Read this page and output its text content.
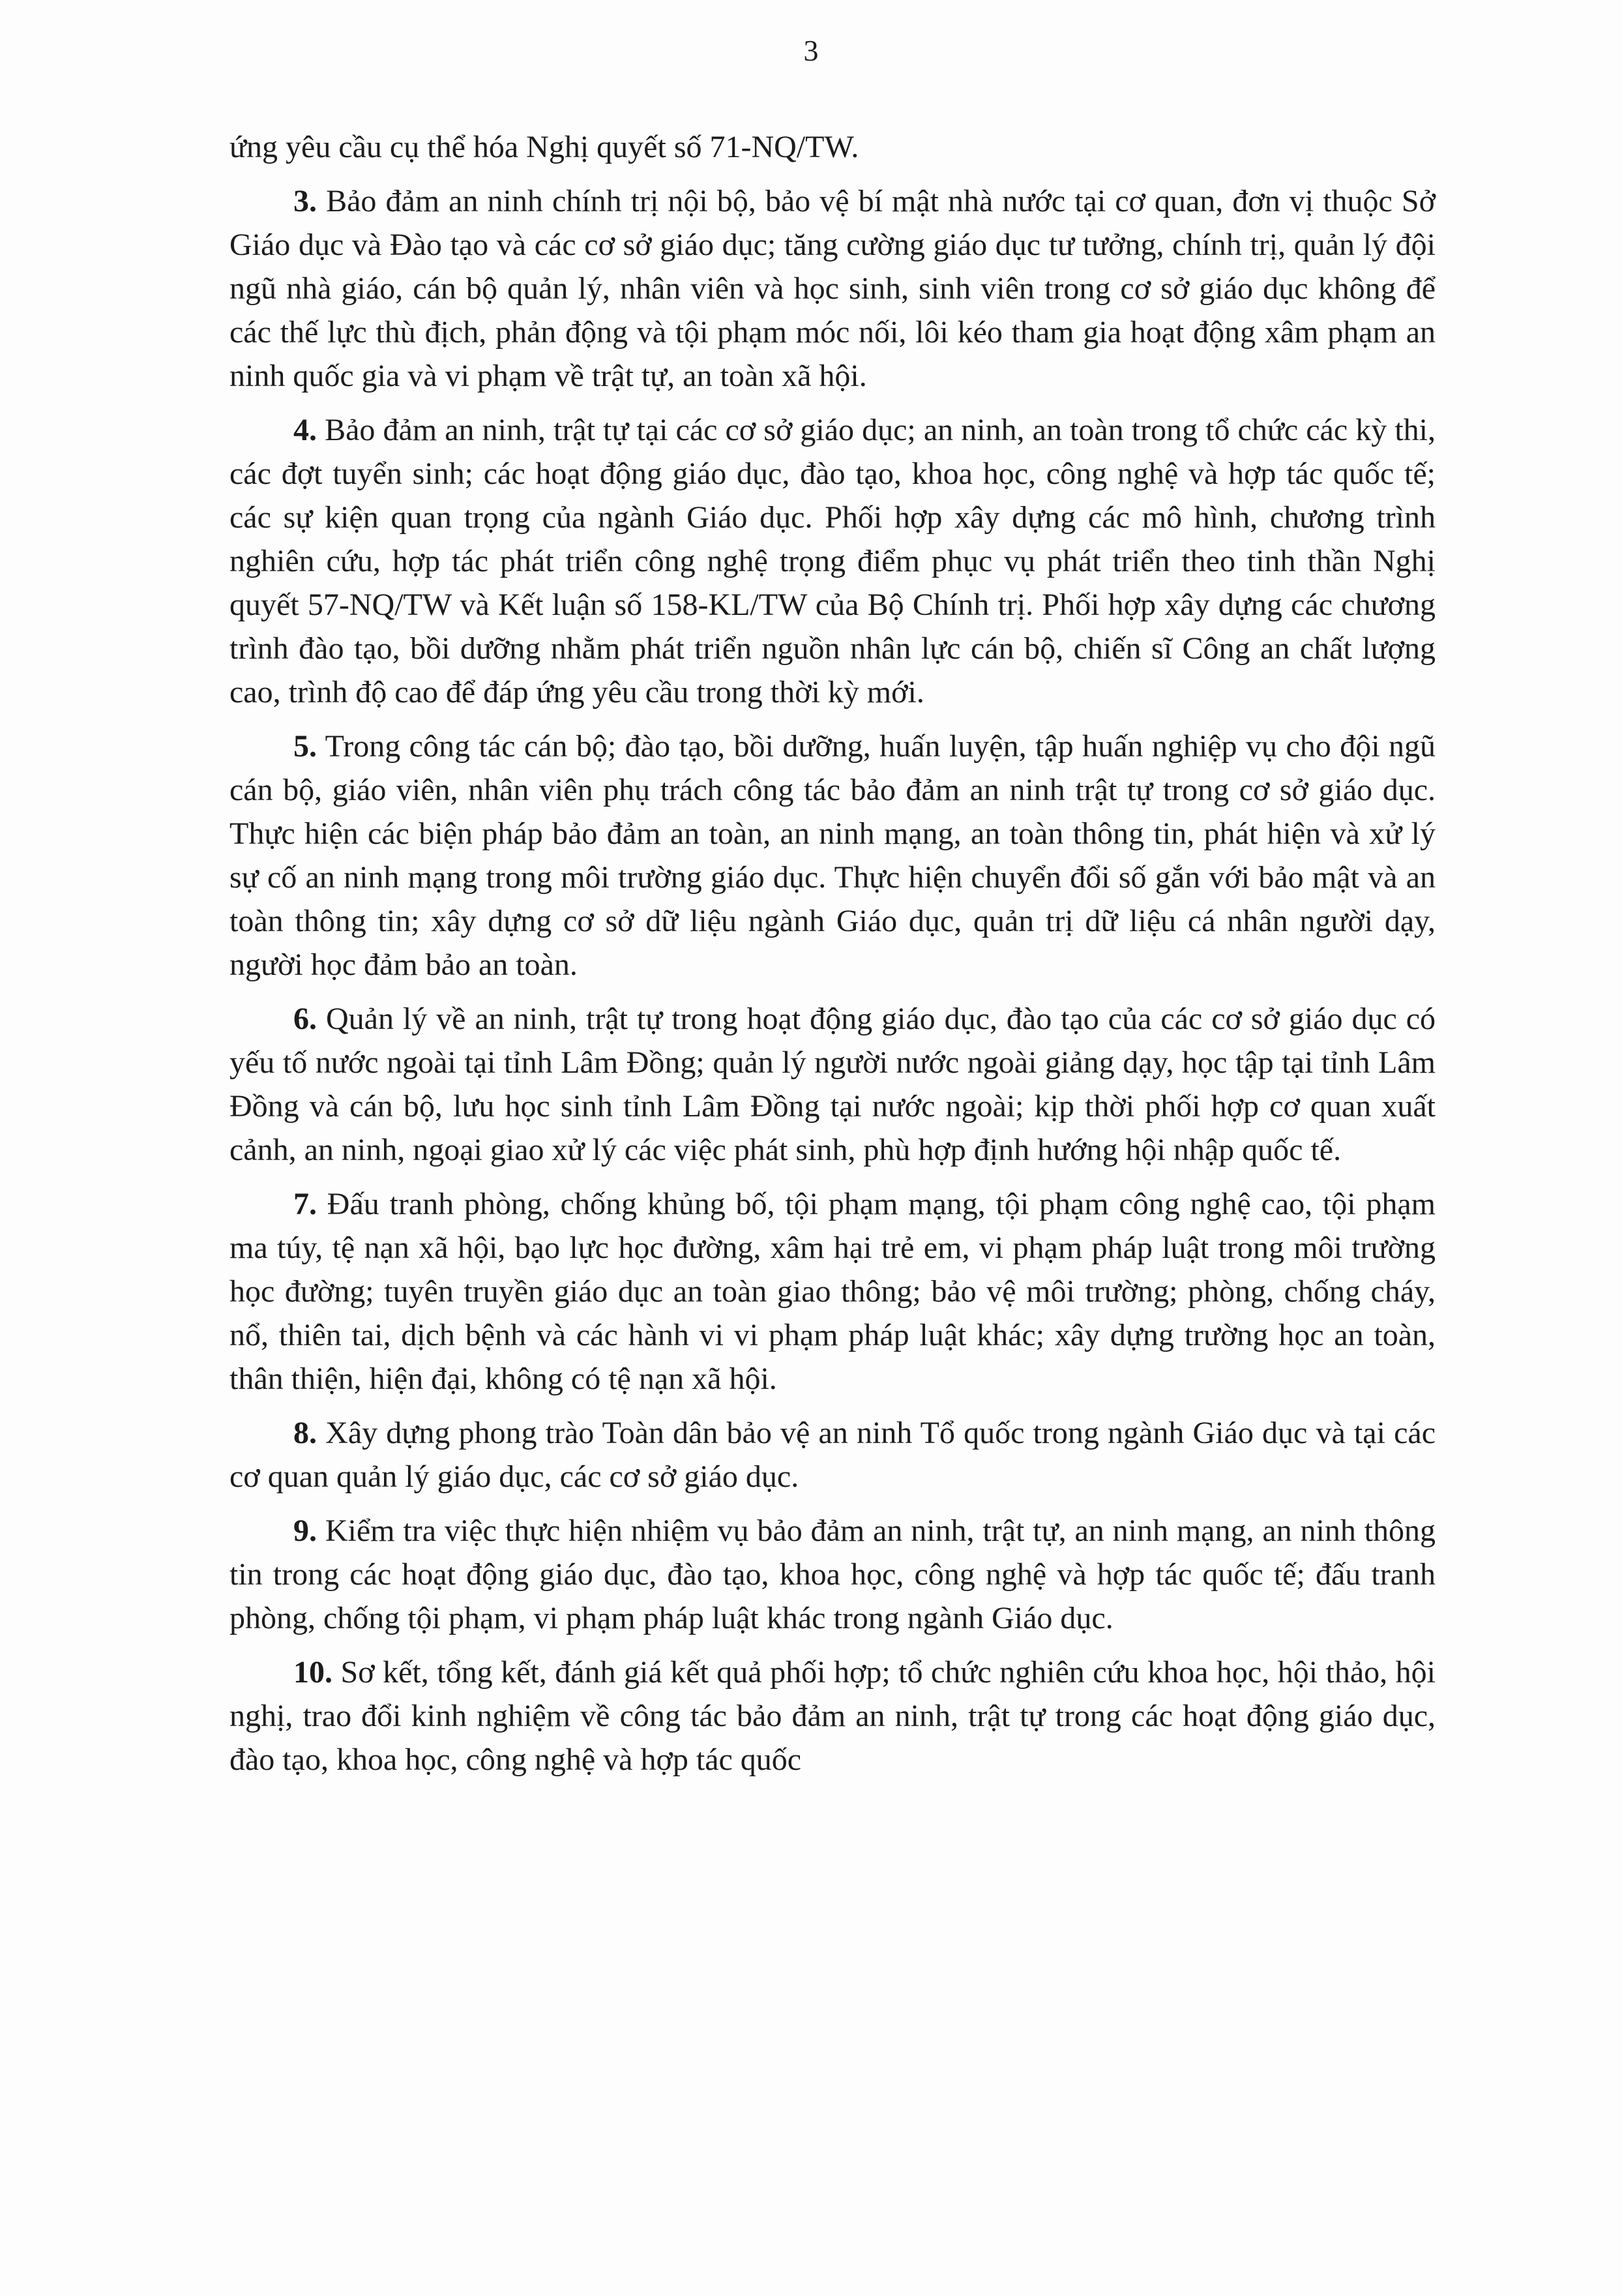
3

ứng yêu cầu cụ thể hóa Nghị quyết số 71-NQ/TW.

3. Bảo đảm an ninh chính trị nội bộ, bảo vệ bí mật nhà nước tại cơ quan, đơn vị thuộc Sở Giáo dục và Đào tạo và các cơ sở giáo dục; tăng cường giáo dục tư tưởng, chính trị, quản lý đội ngũ nhà giáo, cán bộ quản lý, nhân viên và học sinh, sinh viên trong cơ sở giáo dục không để các thế lực thù địch, phản động và tội phạm móc nối, lôi kéo tham gia hoạt động xâm phạm an ninh quốc gia và vi phạm về trật tự, an toàn xã hội.

4. Bảo đảm an ninh, trật tự tại các cơ sở giáo dục; an ninh, an toàn trong tổ chức các kỳ thi, các đợt tuyển sinh; các hoạt động giáo dục, đào tạo, khoa học, công nghệ và hợp tác quốc tế; các sự kiện quan trọng của ngành Giáo dục. Phối hợp xây dựng các mô hình, chương trình nghiên cứu, hợp tác phát triển công nghệ trọng điểm phục vụ phát triển theo tinh thần Nghị quyết 57-NQ/TW và Kết luận số 158-KL/TW của Bộ Chính trị. Phối hợp xây dựng các chương trình đào tạo, bồi dưỡng nhằm phát triển nguồn nhân lực cán bộ, chiến sĩ Công an chất lượng cao, trình độ cao để đáp ứng yêu cầu trong thời kỳ mới.

5. Trong công tác cán bộ; đào tạo, bồi dưỡng, huấn luyện, tập huấn nghiệp vụ cho đội ngũ cán bộ, giáo viên, nhân viên phụ trách công tác bảo đảm an ninh trật tự trong cơ sở giáo dục. Thực hiện các biện pháp bảo đảm an toàn, an ninh mạng, an toàn thông tin, phát hiện và xử lý sự cố an ninh mạng trong môi trường giáo dục. Thực hiện chuyển đổi số gắn với bảo mật và an toàn thông tin; xây dựng cơ sở dữ liệu ngành Giáo dục, quản trị dữ liệu cá nhân người dạy, người học đảm bảo an toàn.

6. Quản lý về an ninh, trật tự trong hoạt động giáo dục, đào tạo của các cơ sở giáo dục có yếu tố nước ngoài tại tỉnh Lâm Đồng; quản lý người nước ngoài giảng dạy, học tập tại tỉnh Lâm Đồng và cán bộ, lưu học sinh tỉnh Lâm Đồng tại nước ngoài; kịp thời phối hợp cơ quan xuất cảnh, an ninh, ngoại giao xử lý các việc phát sinh, phù hợp định hướng hội nhập quốc tế.

7. Đấu tranh phòng, chống khủng bố, tội phạm mạng, tội phạm công nghệ cao, tội phạm ma túy, tệ nạn xã hội, bạo lực học đường, xâm hại trẻ em, vi phạm pháp luật trong môi trường học đường; tuyên truyền giáo dục an toàn giao thông; bảo vệ môi trường; phòng, chống cháy, nổ, thiên tai, dịch bệnh và các hành vi vi phạm pháp luật khác; xây dựng trường học an toàn, thân thiện, hiện đại, không có tệ nạn xã hội.

8. Xây dựng phong trào Toàn dân bảo vệ an ninh Tổ quốc trong ngành Giáo dục và tại các cơ quan quản lý giáo dục, các cơ sở giáo dục.

9. Kiểm tra việc thực hiện nhiệm vụ bảo đảm an ninh, trật tự, an ninh mạng, an ninh thông tin trong các hoạt động giáo dục, đào tạo, khoa học, công nghệ và hợp tác quốc tế; đấu tranh phòng, chống tội phạm, vi phạm pháp luật khác trong ngành Giáo dục.

10. Sơ kết, tổng kết, đánh giá kết quả phối hợp; tổ chức nghiên cứu khoa học, hội thảo, hội nghị, trao đổi kinh nghiệm về công tác bảo đảm an ninh, trật tự trong các hoạt động giáo dục, đào tạo, khoa học, công nghệ và hợp tác quốc
